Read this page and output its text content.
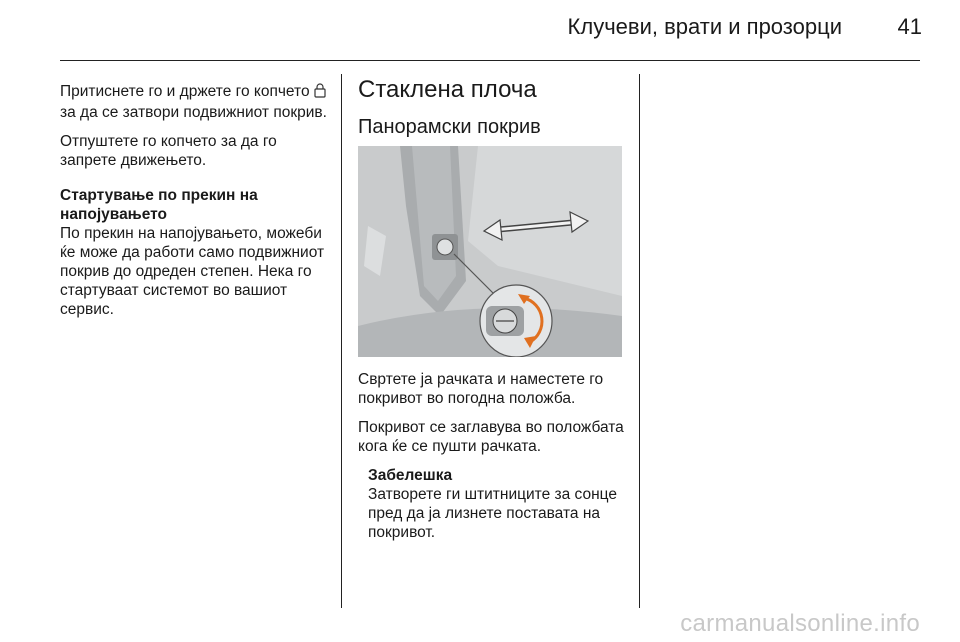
Клучеви, врати и прозорци	41

Притиснете го и држете го копчето за да се затвори подвижниот покрив.

Отпуштете го копчето за да го запрете движењето.

Стартување по прекин на напојувањето

По прекин на напојувањето, можеби ќе може да работи само подвижниот покрив до одреден степен. Нека го стартуваат системот во вашиот сервис.

Стаклена плоча
Панорамски покрив

Свртете ја рачката и наместете го покривот во погодна положба.

Покривот се заглавува во положбата кога ќе се пушти рачката.

Забелешка
Затворете ги штитниците за сонце пред да ја лизнете поставата на покривот.
carmanualsonline.info
